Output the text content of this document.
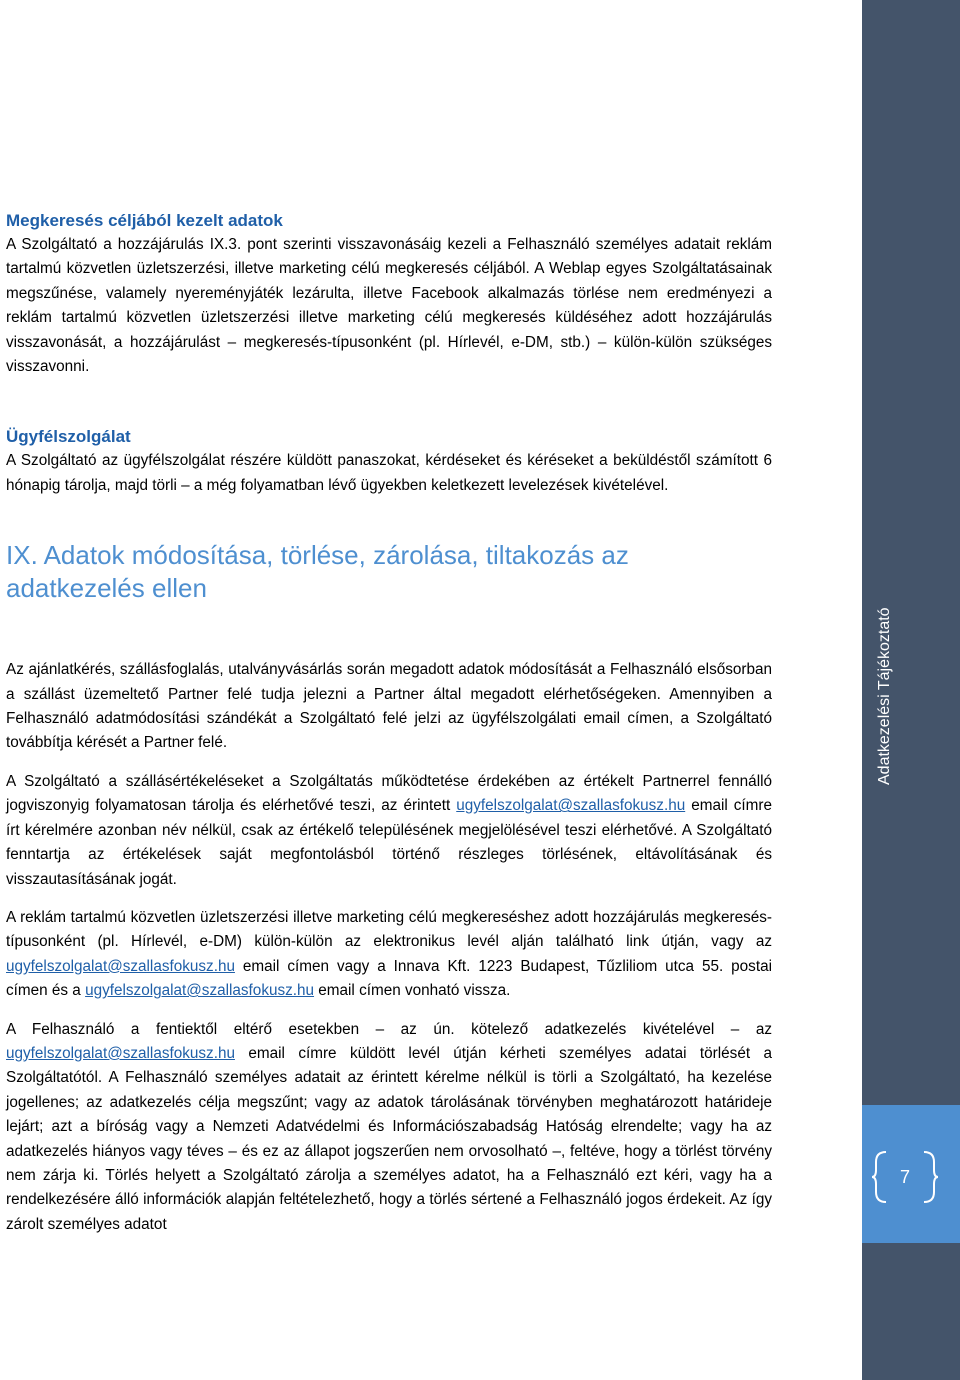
Adatkezelési Tájékoztató
7
Megkeresés céljából kezelt adatok

A Szolgáltató a hozzájárulás IX.3. pont szerinti visszavonásáig kezeli a Felhasználó személyes adatait reklám tartalmú közvetlen üzletszerzési, illetve marketing célú megkeresés céljából. A Weblap egyes Szolgáltatásainak megszűnése, valamely nyereményjáték lezárulta, illetve Facebook alkalmazás törlése nem eredményezi a reklám tartalmú közvetlen üzletszerzési illetve marketing célú megkeresés küldéséhez adott hozzájárulás visszavonását, a hozzájárulást – megkeresés-típusonként (pl. Hírlevél, e-DM, stb.) – külön-külön szükséges visszavonni.

Ügyfélszolgálat

A Szolgáltató az ügyfélszolgálat részére küldött panaszokat, kérdéseket és kéréseket a beküldéstől számított 6 hónapig tárolja, majd törli – a még folyamatban lévő ügyekben keletkezett levelezések kivételével.

IX. Adatok módosítása, törlése, zárolása, tiltakozás az adatkezelés ellen

Az ajánlatkérés, szállásfoglalás, utalványvásárlás során megadott adatok módosítását a Felhasználó elsősorban a szállást üzemeltető Partner felé tudja jelezni a Partner által megadott elérhetőségeken. Amennyiben a Felhasználó adatmódosítási szándékát a Szolgáltató felé jelzi az ügyfélszolgálati email címen, a Szolgáltató továbbítja kérését a Partner felé.

A Szolgáltató a szállásértékeléseket a Szolgáltatás működtetése érdekében az értékelt Partnerrel fennálló jogviszonyig folyamatosan tárolja és elérhetővé teszi, az érintett ugyfelszolgalat@szallasfokusz.hu email címre írt kérelmére azonban név nélkül, csak az értékelő településének megjelölésével teszi elérhetővé. A Szolgáltató fenntartja az értékelések saját megfontolásból történő részleges törlésének, eltávolításának és visszautasításának jogát.

A reklám tartalmú közvetlen üzletszerzési illetve marketing célú megkereséshez adott hozzájárulás megkeresés-típusonként (pl. Hírlevél, e-DM) külön-külön az elektronikus levél alján található link útján, vagy az ugyfelszolgalat@szallasfokusz.hu email címen vagy a Innava Kft. 1223 Budapest, Tűzliliom utca 55. postai címen és a ugyfelszolgalat@szallasfokusz.hu email címen vonható vissza.

A Felhasználó a fentiektől eltérő esetekben – az ún. kötelező adatkezelés kivételével – az ugyfelszolgalat@szallasfokusz.hu email címre küldött levél útján kérheti személyes adatai törlését a Szolgáltatótól. A Felhasználó személyes adatait az érintett kérelme nélkül is törli a Szolgáltató, ha kezelése jogellenes; az adatkezelés célja megszűnt; vagy az adatok tárolásának törvényben meghatározott határideje lejárt; azt a bíróság vagy a Nemzeti Adatvédelmi és Információszabadság Hatóság elrendelte; vagy ha az adatkezelés hiányos vagy téves – és ez az állapot jogszerűen nem orvosolható –, feltéve, hogy a törlést törvény nem zárja ki. Törlés helyett a Szolgáltató zárolja a személyes adatot, ha a Felhasználó ezt kéri, vagy ha a rendelkezésére álló információk alapján feltételezhető, hogy a törlés sértené a Felhasználó jogos érdekeit. Az így zárolt személyes adatot
